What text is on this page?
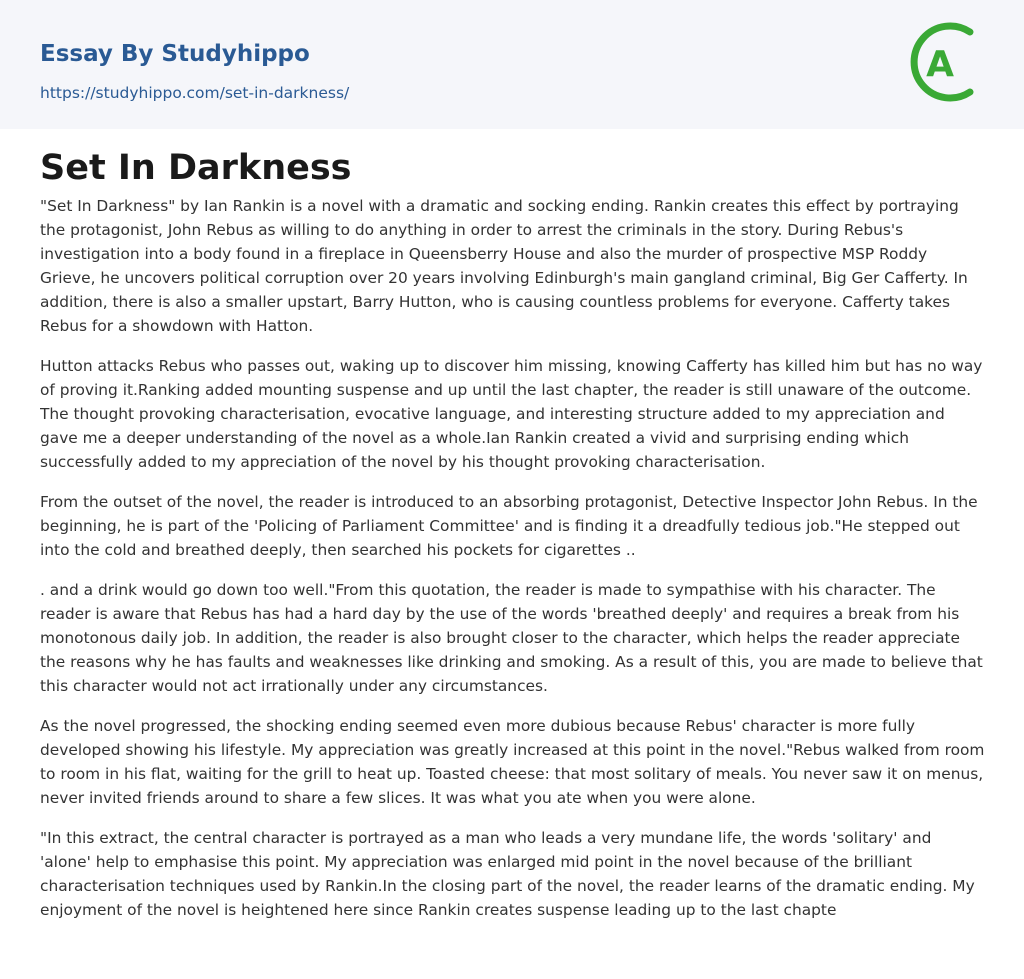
Essay By Studyhippo
https://studyhippo.com/set-in-darkness/
A
Set In Darkness

"Set In Darkness" by Ian Rankin is a novel with a dramatic and socking ending. Rankin creates this effect by portraying the protagonist, John Rebus as willing to do anything in order to arrest the criminals in the story. During Rebus's investigation into a body found in a fireplace in Queensberry House and also the murder of prospective MSP Roddy Grieve, he uncovers political corruption over 20 years involving Edinburgh's main gangland criminal, Big Ger Cafferty. In addition, there is also a smaller upstart, Barry Hutton, who is causing countless problems for everyone. Cafferty takes Rebus for a showdown with Hatton.

Hutton attacks Rebus who passes out, waking up to discover him missing, knowing Cafferty has killed him but has no way of proving it.Ranking added mounting suspense and up until the last chapter, the reader is still unaware of the outcome. The thought provoking characterisation, evocative language, and interesting structure added to my appreciation and gave me a deeper understanding of the novel as a whole.Ian Rankin created a vivid and surprising ending which successfully added to my appreciation of the novel by his thought provoking characterisation.

From the outset of the novel, the reader is introduced to an absorbing protagonist, Detective Inspector John Rebus. In the beginning, he is part of the 'Policing of Parliament Committee' and is finding it a dreadfully tedious job."He stepped out into the cold and breathed deeply, then searched his pockets for cigarettes ..

. and a drink would go down too well."From this quotation, the reader is made to sympathise with his character. The reader is aware that Rebus has had a hard day by the use of the words 'breathed deeply' and requires a break from his monotonous daily job. In addition, the reader is also brought closer to the character, which helps the reader appreciate the reasons why he has faults and weaknesses like drinking and smoking. As a result of this, you are made to believe that this character would not act irrationally under any circumstances.

As the novel progressed, the shocking ending seemed even more dubious because Rebus' character is more fully developed showing his lifestyle. My appreciation was greatly increased at this point in the novel."Rebus walked from room to room in his flat, waiting for the grill to heat up. Toasted cheese: that most solitary of meals. You never saw it on menus, never invited friends around to share a few slices. It was what you ate when you were alone.

"In this extract, the central character is portrayed as a man who leads a very mundane life, the words 'solitary' and 'alone' help to emphasise this point. My appreciation was enlarged mid point in the novel because of the brilliant characterisation techniques used by Rankin.In the closing part of the novel, the reader learns of the dramatic ending. My enjoyment of the novel is heightened here since Rankin creates suspense leading up to the last chapte
